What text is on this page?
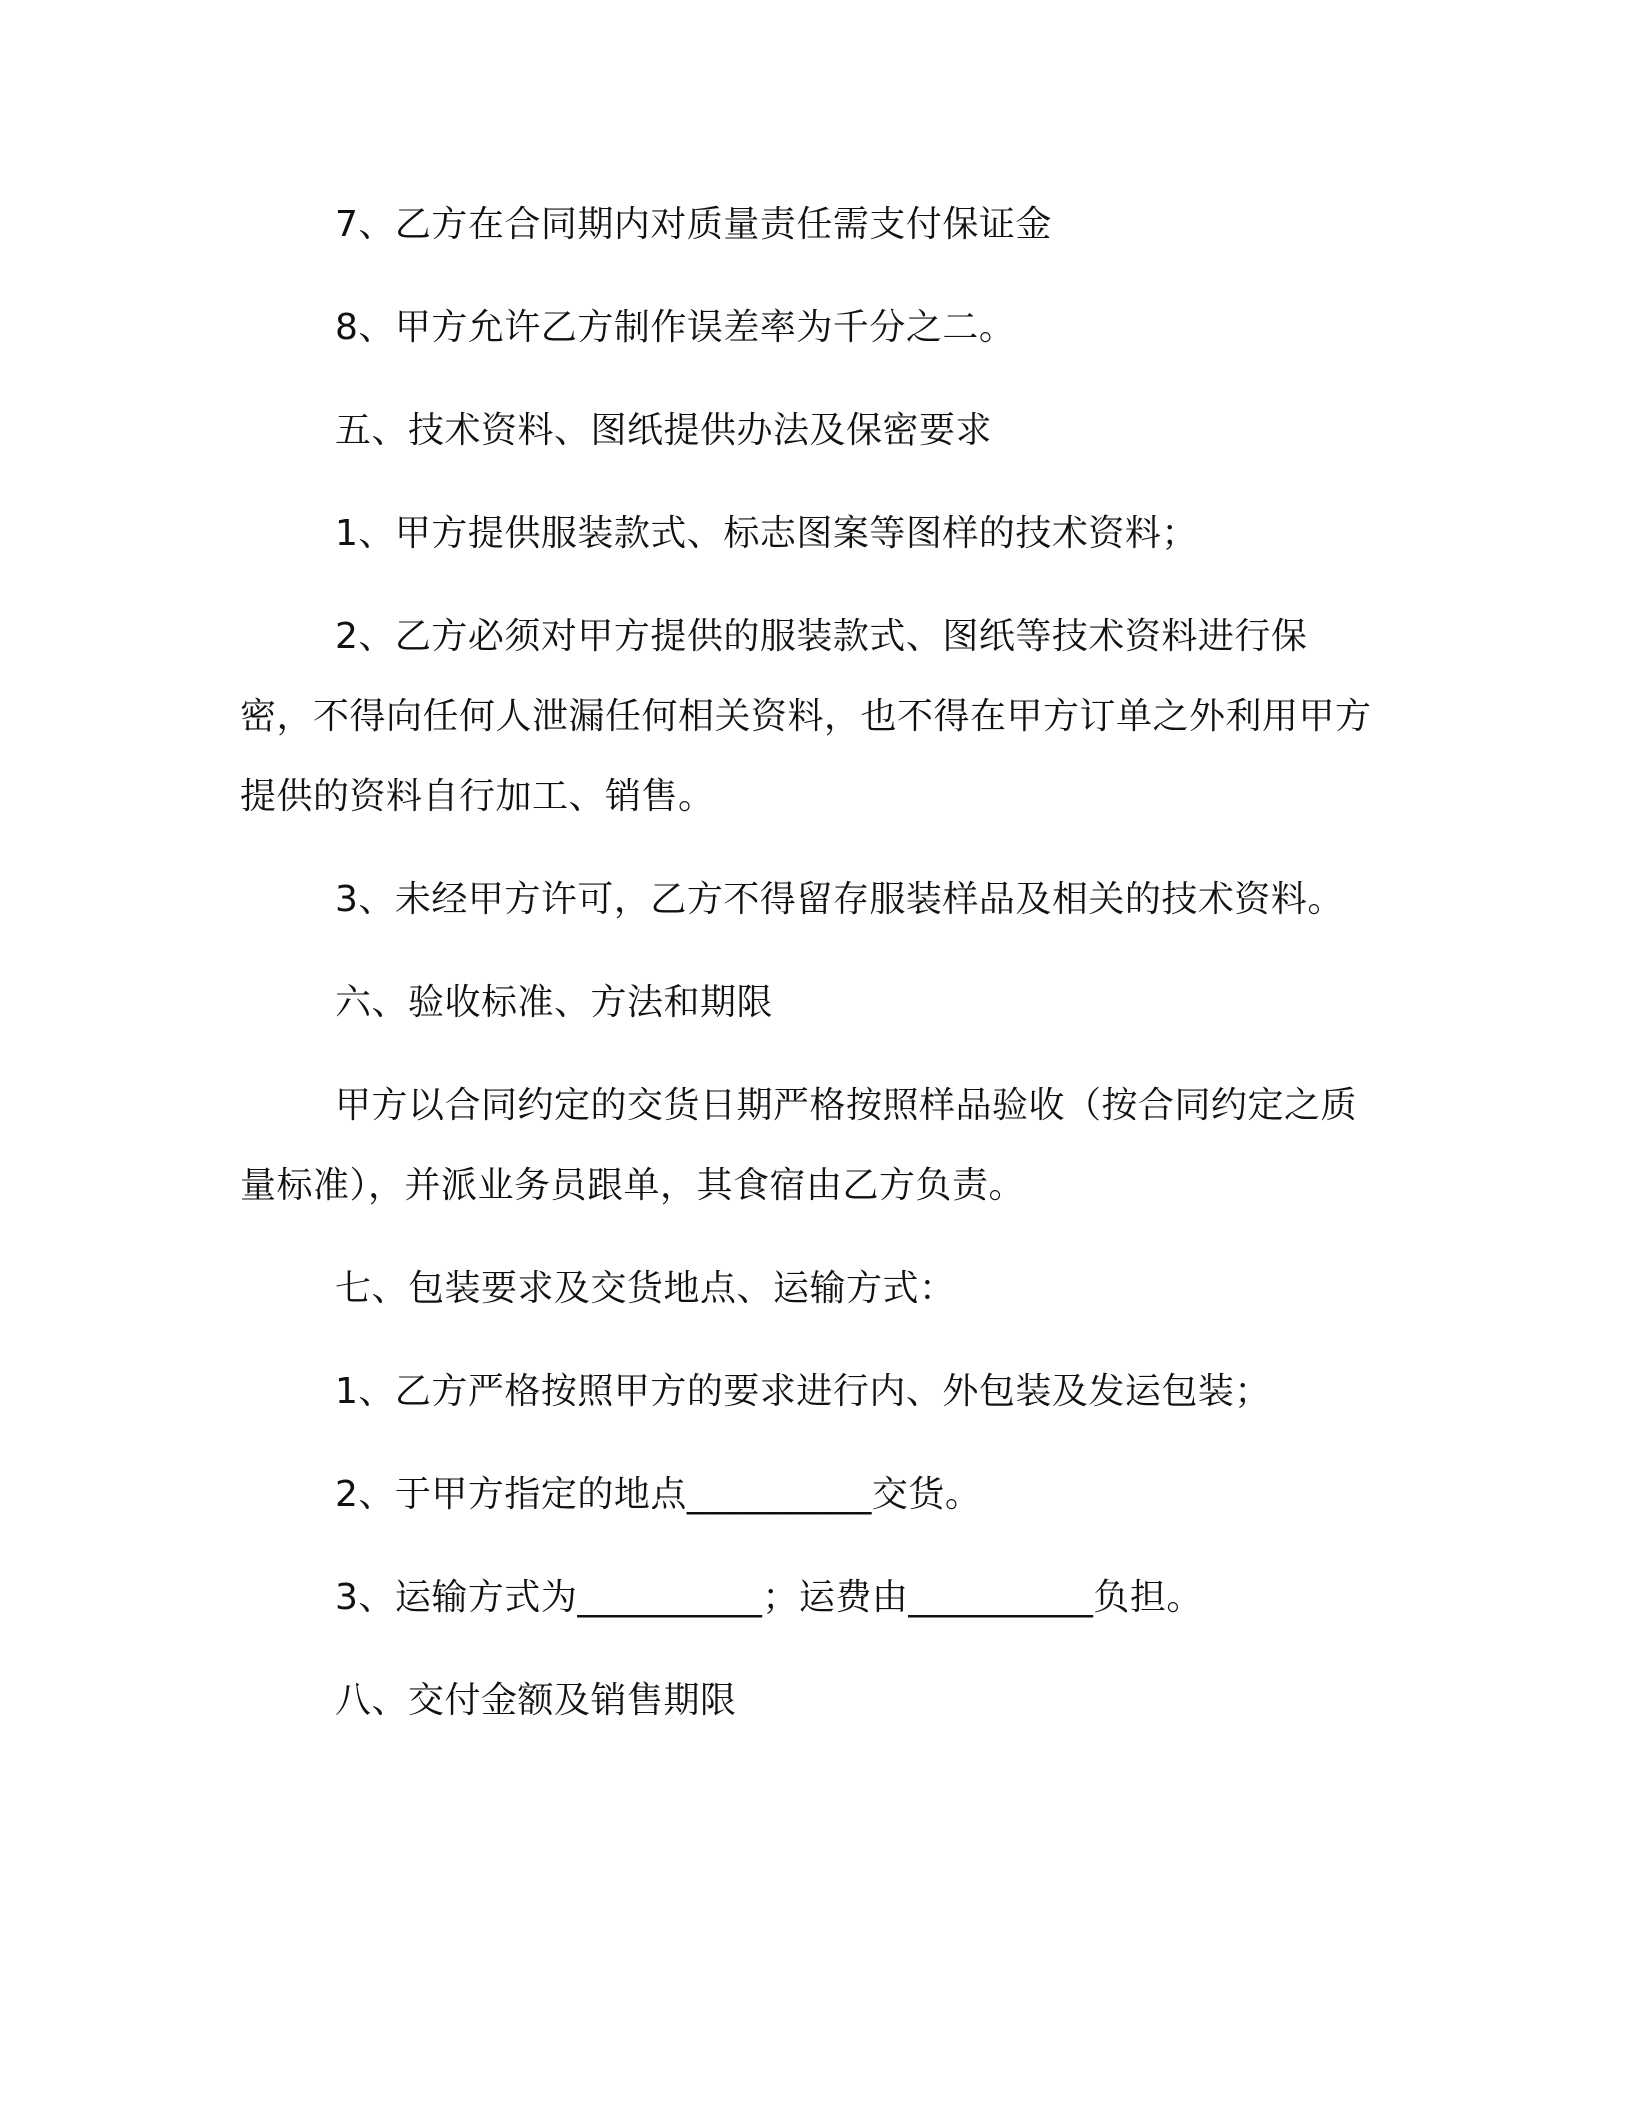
7、乙方在合同期内对质量责任需支付保证金

8、甲方允许乙方制作误差率为千分之二。

五、技术资料、图纸提供办法及保密要求

1、甲方提供服装款式、标志图案等图样的技术资料；

2、乙方必须对甲方提供的服装款式、图纸等技术资料进行保密，不得向任何人泄漏任何相关资料，也不得在甲方订单之外利用甲方提供的资料自行加工、销售。

3、未经甲方许可，乙方不得留存服装样品及相关的技术资料。

六、验收标准、方法和期限

甲方以合同约定的交货日期严格按照样品验收（按合同约定之质量标准），并派业务员跟单，其食宿由乙方负责。

七、包装要求及交货地点、运输方式：

1、乙方严格按照甲方的要求进行内、外包装及发运包装；

2、于甲方指定的地点__________交货。

3、运输方式为__________；运费由__________负担。

八、交付金额及销售期限
